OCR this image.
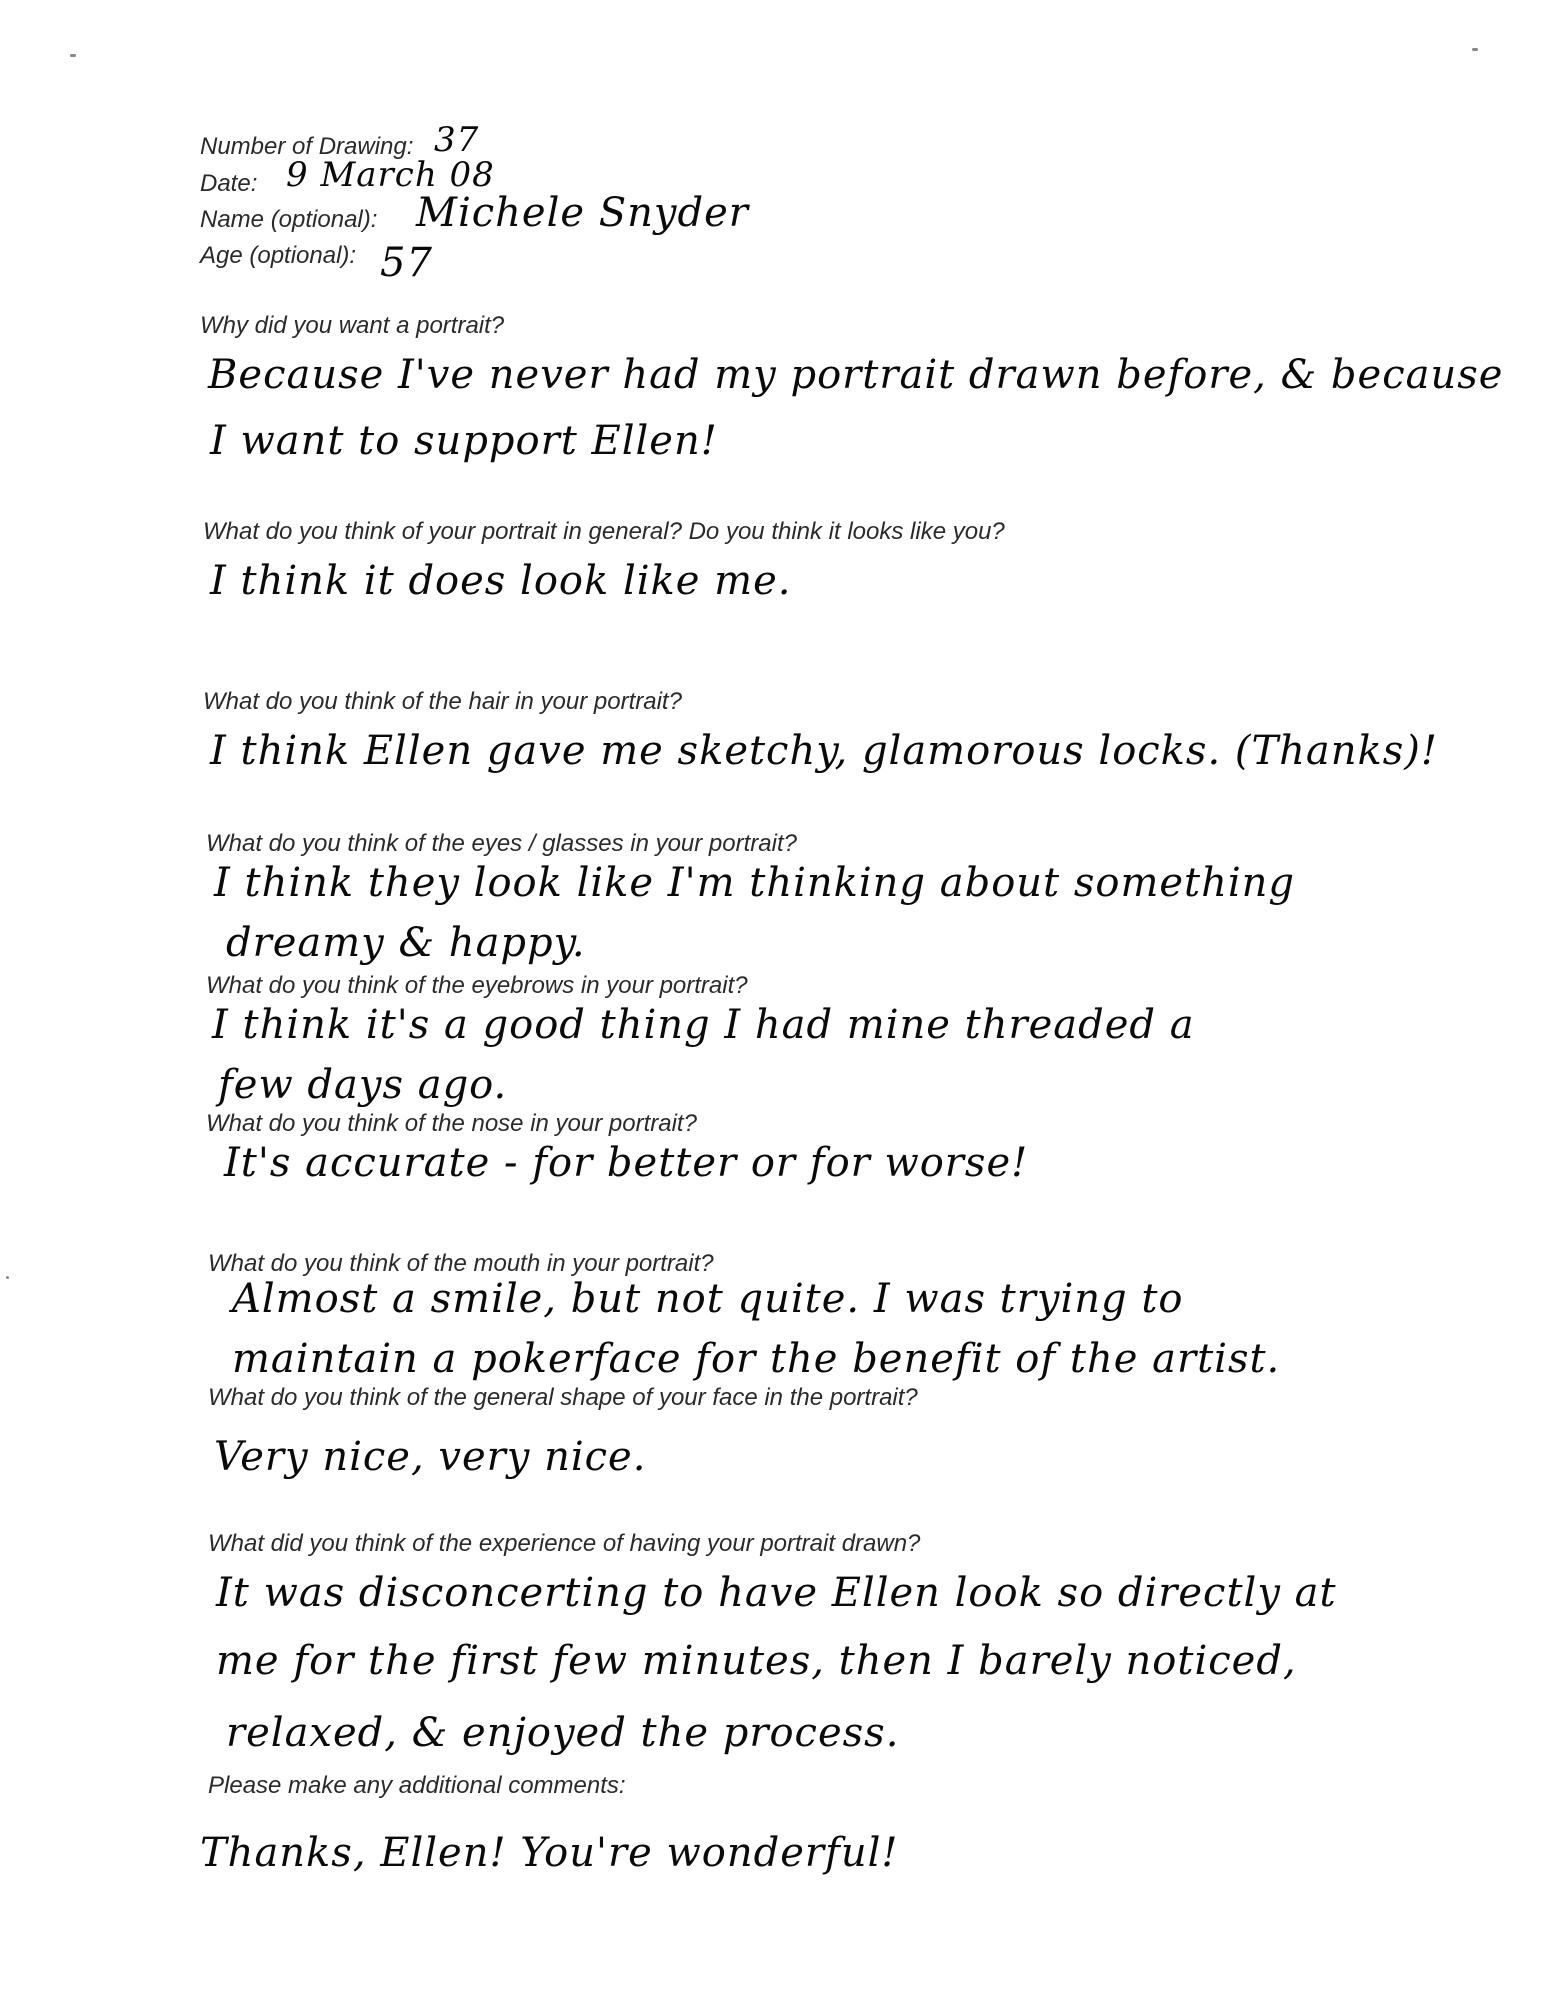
Number of Drawing: 37
Date: 9 March 08
Name (optional): Michele Snyder
Age (optional): 57
Why did you want a portrait?
Because I've never had my portrait drawn before, & because
I want to support Ellen!
What do you think of your portrait in general? Do you think it looks like you?
I think it does look like me.
What do you think of the hair in your portrait?
I think Ellen gave me sketchy, glamorous locks. (Thanks)!
What do you think of the eyes / glasses in your portrait?
I think they look like I'm thinking about something
dreamy & happy.
What do you think of the eyebrows in your portrait?
I think it's a good thing I had mine threaded a
few days ago.
What do you think of the nose in your portrait?
It's accurate - for better or for worse!
What do you think of the mouth in your portrait?
Almost a smile, but not quite. I was trying to
maintain a pokerface for the benefit of the artist.
What do you think of the general shape of your face in the portrait?
Very nice, very nice.
What did you think of the experience of having your portrait drawn?
It was disconcerting to have Ellen look so directly at
me for the first few minutes, then I barely noticed,
relaxed, & enjoyed the process.
Please make any additional comments:
Thanks, Ellen! You're wonderful!
